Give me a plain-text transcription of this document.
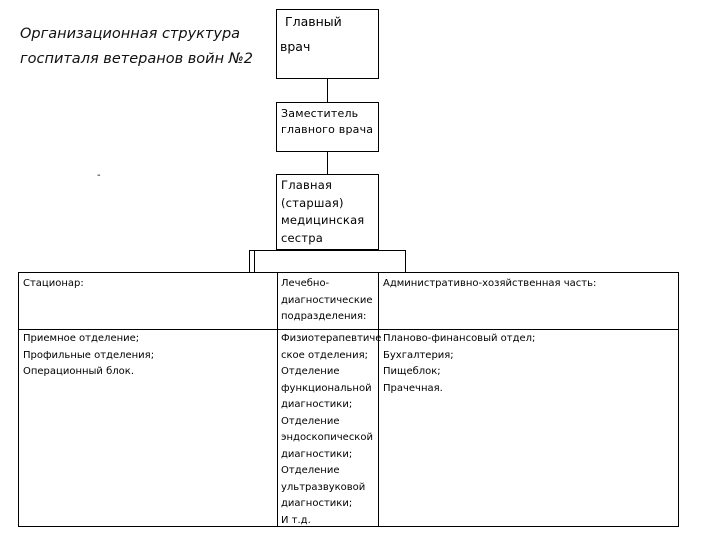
Организационная структура
госпиталя ветеранов войн №2
Главный
врач
Заместитель
главного врача
-
Главная
(старшая)
медицинская
сестра
Стационар:	Лечебно-
диагностические
подразделения:
Административно-хозяйственная часть:
Приемное отделение;
Профильные отделения;
Операционный блок.
Физиотерапевтиче
ское отделения;
Отделение
функциональной
диагностики;
Отделение
эндоскопической
диагностики;
Отделение
ультразвуковой
диагностики;
И т.д.
Планово-финансовый отдел;
Бухгалтерия;
Пищеблок;
Прачечная.
